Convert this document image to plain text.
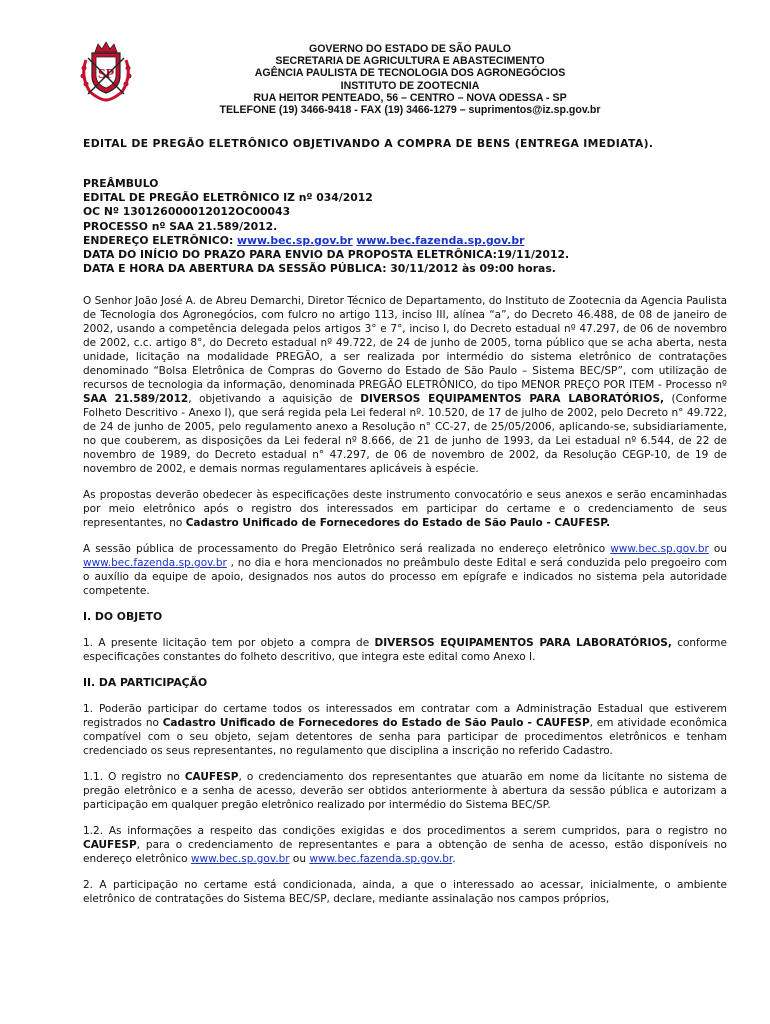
SP
GOVERNO DO ESTADO DE SÃO PAULO
SECRETARIA DE AGRICULTURA E ABASTECIMENTO
AGÊNCIA PAULISTA DE TECNOLOGIA DOS AGRONEGÓCIOS
INSTITUTO DE ZOOTECNIA
RUA HEITOR PENTEADO, 56 – CENTRO – NOVA ODESSA - SP
TELEFONE (19) 3466-9418 - FAX (19) 3466-1279 – suprimentos@iz.sp.gov.br
EDITAL DE PREGÃO ELETRÔNICO OBJETIVANDO A COMPRA DE BENS (ENTREGA IMEDIATA).
PREÂMBULO
EDITAL DE PREGÃO ELETRÔNICO IZ nº 034/2012
OC Nº 130126000012012OC00043
PROCESSO nº SAA 21.589/2012.
ENDEREÇO ELETRÔNICO: www.bec.sp.gov.br www.bec.fazenda.sp.gov.br
DATA DO INÍCIO DO PRAZO PARA ENVIO DA PROPOSTA ELETRÔNICA:19/11/2012.
DATA E HORA DA ABERTURA DA SESSÃO PÚBLICA: 30/11/2012 às 09:00 horas.

O Senhor João José A. de Abreu Demarchi, Diretor Técnico de Departamento, do Instituto de Zootecnia da Agencia Paulista de Tecnologia dos Agronegócios, com fulcro no artigo 113, inciso III, alínea “a”, do Decreto 46.488, de 08 de janeiro de 2002, usando a competência delegada pelos artigos 3° e 7°, inciso I, do Decreto estadual nº 47.297, de 06 de novembro de 2002, c.c. artigo 8°, do Decreto estadual nº 49.722, de 24 de junho de 2005, torna público que se acha aberta, nesta unidade, licitação na modalidade PREGÃO, a ser realizada por intermédio do sistema eletrônico de contratações denominado “Bolsa Eletrônica de Compras do Governo do Estado de São Paulo – Sistema BEC/SP”, com utilização de recursos de tecnologia da informação, denominada PREGÃO ELETRÔNICO, do tipo MENOR PREÇO POR ITEM - Processo nº SAA 21.589/2012, objetivando a aquisição de DIVERSOS EQUIPAMENTOS PARA LABORATÓRIOS, (Conforme Folheto Descritivo - Anexo I), que será regida pela Lei federal nº. 10.520, de 17 de julho de 2002, pelo Decreto n° 49.722, de 24 de junho de 2005, pelo regulamento anexo a Resolução n° CC-27, de 25/05/2006, aplicando-se, subsidiariamente, no que couberem, as disposições da Lei federal nº 8.666, de 21 de junho de 1993, da Lei estadual nº 6.544, de 22 de novembro de 1989, do Decreto estadual n° 47.297, de 06 de novembro de 2002, da Resolução CEGP-10, de 19 de novembro de 2002, e demais normas regulamentares aplicáveis à espécie.

As propostas deverão obedecer às especificações deste instrumento convocatório e seus anexos e serão encaminhadas por meio eletrônico após o registro dos interessados em participar do certame e o credenciamento de seus representantes, no Cadastro Unificado de Fornecedores do Estado de São Paulo - CAUFESP.

A sessão pública de processamento do Pregão Eletrônico será realizada no endereço eletrônico www.bec.sp.gov.br ou www.bec.fazenda.sp.gov.br , no dia e hora mencionados no preâmbulo deste Edital e será conduzida pelo pregoeiro com o auxílio da equipe de apoio, designados nos autos do processo em epígrafe e indicados no sistema pela autoridade competente.

I. DO OBJETO

1. A presente licitação tem por objeto a compra de DIVERSOS EQUIPAMENTOS PARA LABORATÓRIOS, conforme especificações constantes do folheto descritivo, que integra este edital como Anexo I.

II. DA PARTICIPAÇÃO

1. Poderão participar do certame todos os interessados em contratar com a Administração Estadual que estiverem registrados no Cadastro Unificado de Fornecedores do Estado de São Paulo - CAUFESP, em atividade econômica compatível com o seu objeto, sejam detentores de senha para participar de procedimentos eletrônicos e tenham credenciado os seus representantes, no regulamento que disciplina a inscrição no referido Cadastro.

1.1. O registro no CAUFESP, o credenciamento dos representantes que atuarão em nome da licitante no sistema de pregão eletrônico e a senha de acesso, deverão ser obtidos anteriormente à abertura da sessão pública e autorizam a participação em qualquer pregão eletrônico realizado por intermédio do Sistema BEC/SP.

1.2. As informações a respeito das condições exigidas e dos procedimentos a serem cumpridos, para o registro no CAUFESP, para o credenciamento de representantes e para a obtenção de senha de acesso, estão disponíveis no endereço eletrônico www.bec.sp.gov.br ou www.bec.fazenda.sp.gov.br.

2. A participação no certame está condicionada, ainda, a que o interessado ao acessar, inicialmente, o ambiente eletrônico de contratações do Sistema BEC/SP, declare, mediante assinalação nos campos próprios,
